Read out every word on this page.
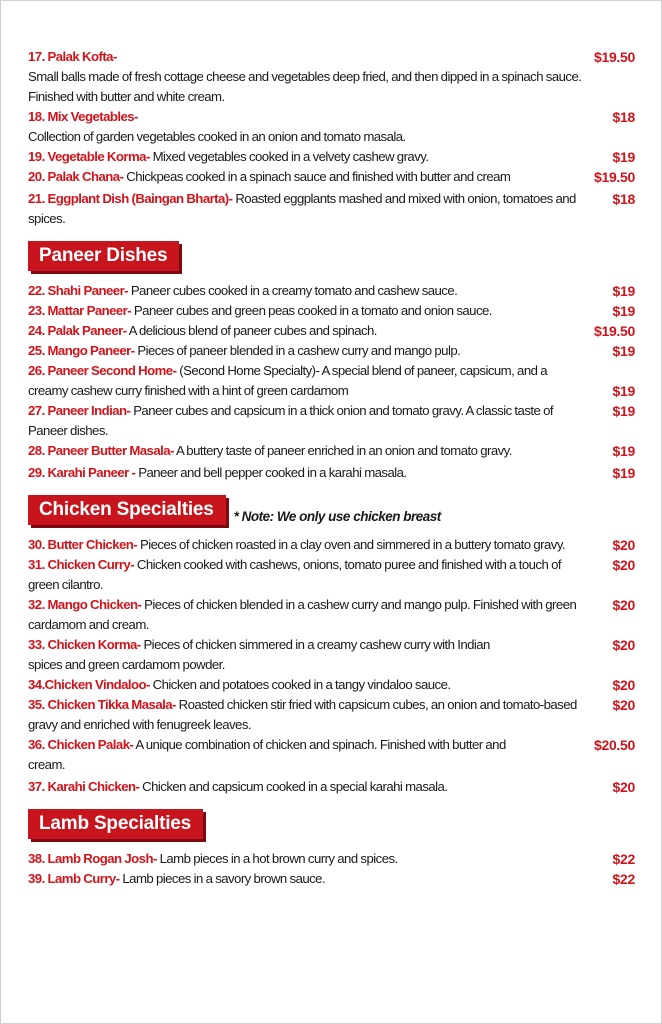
17. Palak Kofta-
Small balls made of fresh cottage cheese and vegetables deep fried, and then dipped in a spinach sauce. Finished with butter and white cream.
$19.50
18. Mix Vegetables-
Collection of garden vegetables cooked in an onion and tomato masala.
$18
19. Vegetable Korma- Mixed vegetables cooked in a velvety cashew gravy.	$19
20. Palak Chana- Chickpeas cooked in a spinach sauce and finished with butter and cream	$19.50
21. Eggplant Dish (Baingan Bharta)- Roasted eggplants mashed and mixed with onion, tomatoes and spices.
$18
Paneer Dishes
22. Shahi Paneer- Paneer cubes cooked in a creamy tomato and cashew sauce.	$19
23. Mattar Paneer- Paneer cubes and green peas cooked in a tomato and onion sauce.	$19
24. Palak Paneer- A delicious blend of paneer cubes and spinach.	$19.50
25. Mango Paneer- Pieces of paneer blended in a cashew curry and mango pulp.	$19
26. Paneer Second Home- (Second Home Specialty)- A special blend of paneer, capsicum, and a creamy cashew curry finished with a hint of green cardamom	$19
27. Paneer Indian- Paneer cubes and capsicum in a thick onion and tomato gravy. A classic taste of Paneer dishes.
$19
28. Paneer Butter Masala- A buttery taste of paneer enriched in an onion and tomato gravy.	$19
29. Karahi Paneer - Paneer and bell pepper cooked in a karahi masala.	$19
Chicken Specialties	* Note: We only use chicken breast
30. Butter Chicken- Pieces of chicken roasted in a clay oven and simmered in a buttery tomato gravy.	$20
31. Chicken Curry- Chicken cooked with cashews, onions, tomato puree and finished with a touch of green cilantro.
$20
32. Mango Chicken- Pieces of chicken blended in a cashew curry and mango pulp. Finished with green cardamom and cream.
$20
33. Chicken Korma- Pieces of chicken simmered in a creamy cashew curry with Indian spices and green cardamom powder.
$20
34.Chicken Vindaloo- Chicken and potatoes cooked in a tangy vindaloo sauce.	$20
35. Chicken Tikka Masala- Roasted chicken stir fried with capsicum cubes, an onion and tomato-based gravy and enriched with fenugreek leaves.
$20
36. Chicken Palak- A unique combination of chicken and spinach. Finished with butter and cream.
$20.50
37. Karahi Chicken- Chicken and capsicum cooked in a special karahi masala.	$20
Lamb Specialties
38. Lamb Rogan Josh- Lamb pieces in a hot brown curry and spices.	$22
39. Lamb Curry- Lamb pieces in a savory brown sauce.	$22
